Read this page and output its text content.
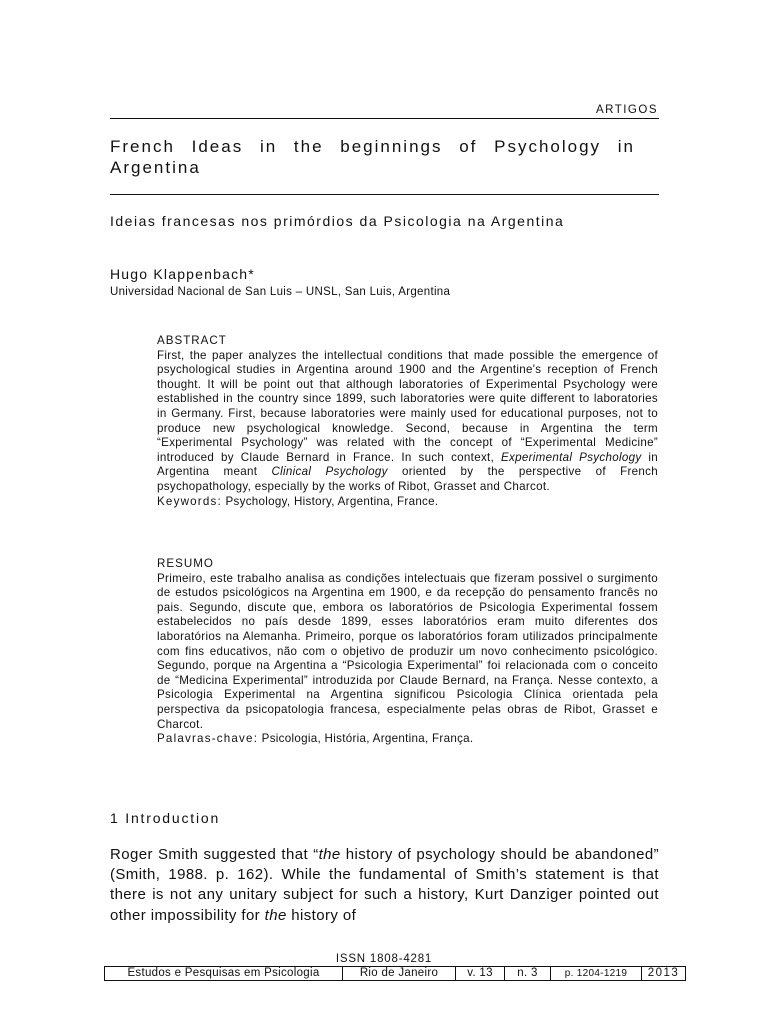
ARTIGOS
French Ideas in the beginnings of Psychology in Argentina
Ideias francesas nos primórdios da Psicologia na Argentina
Hugo Klappenbach*
Universidad Nacional de San Luis – UNSL, San Luis, Argentina
ABSTRACT
First, the paper analyzes the intellectual conditions that made possible the emergence of psychological studies in Argentina around 1900 and the Argentine's reception of French thought. It will be point out that although laboratories of Experimental Psychology were established in the country since 1899, such laboratories were quite different to laboratories in Germany. First, because laboratories were mainly used for educational purposes, not to produce new psychological knowledge. Second, because in Argentina the term “Experimental Psychology” was related with the concept of “Experimental Medicine” introduced by Claude Bernard in France. In such context, Experimental Psychology in Argentina meant Clinical Psychology oriented by the perspective of French psychopathology, especially by the works of Ribot, Grasset and Charcot.
Keywords: Psychology, History, Argentina, France.
RESUMO
Primeiro, este trabalho analisa as condições intelectuais que fizeram possivel o surgimento de estudos psicológicos na Argentina em 1900, e da recepção do pensamento francês no pais. Segundo, discute que, embora os laboratórios de Psicologia Experimental fossem estabelecidos no país desde 1899, esses laboratórios eram muito diferentes dos laboratórios na Alemanha. Primeiro, porque os laboratórios foram utilizados principalmente com fins educativos, não com o objetivo de produzir um novo conhecimento psicológico. Segundo, porque na Argentina a “Psicologia Experimental” foi relacionada com o conceito de “Medicina Experimental” introduzida por Claude Bernard, na França. Nesse contexto, a Psicologia Experimental na Argentina significou Psicologia Clínica orientada pela perspectiva da psicopatologia francesa, especialmente pelas obras de Ribot, Grasset e Charcot.
Palavras-chave: Psicologia, História, Argentina, França.
1 Introduction
Roger Smith suggested that “the history of psychology should be abandoned” (Smith, 1988. p. 162). While the fundamental of Smith’s statement is that there is not any unitary subject for such a history, Kurt Danziger pointed out other impossibility for the history of
ISSN 1808-4281
Estudos e Pesquisas em Psicologia	Rio de Janeiro	v. 13	n. 3	p. 1204-1219	2013
